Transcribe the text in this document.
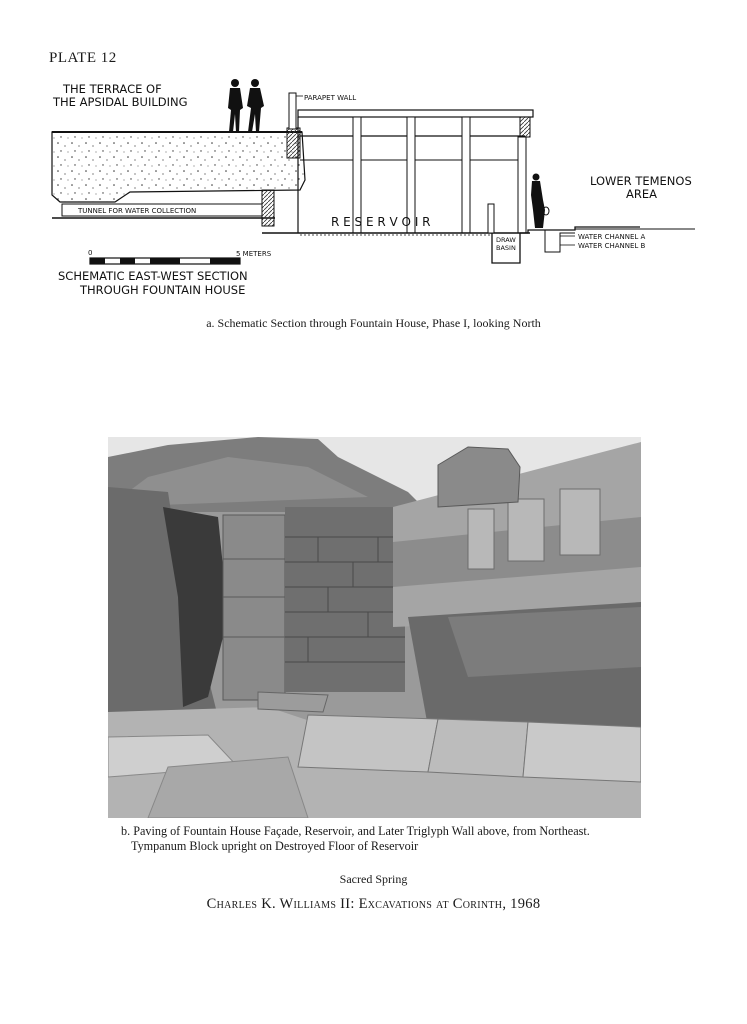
PLATE 12
THE TERRACE OF
THE APSIDAL BUILDING	PARAPET WALL
LOWER TEMENOS
AREA
TUNNEL FOR WATER COLLECTION
R E S E R V O I R
DRAW
BASIN
WATER CHANNEL A
WATER CHANNEL B
0	5 METERS
SCHEMATIC EAST-WEST SECTION
THROUGH FOUNTAIN HOUSE
a. Schematic Section through Fountain House, Phase I, looking North
b. Paving of Fountain House Façade, Reservoir, and Later Triglyph Wall above, from Northeast.
Tympanum Block upright on Destroyed Floor of Reservoir
Sacred Spring
Charles K. Williams II: Excavations at Corinth, 1968
